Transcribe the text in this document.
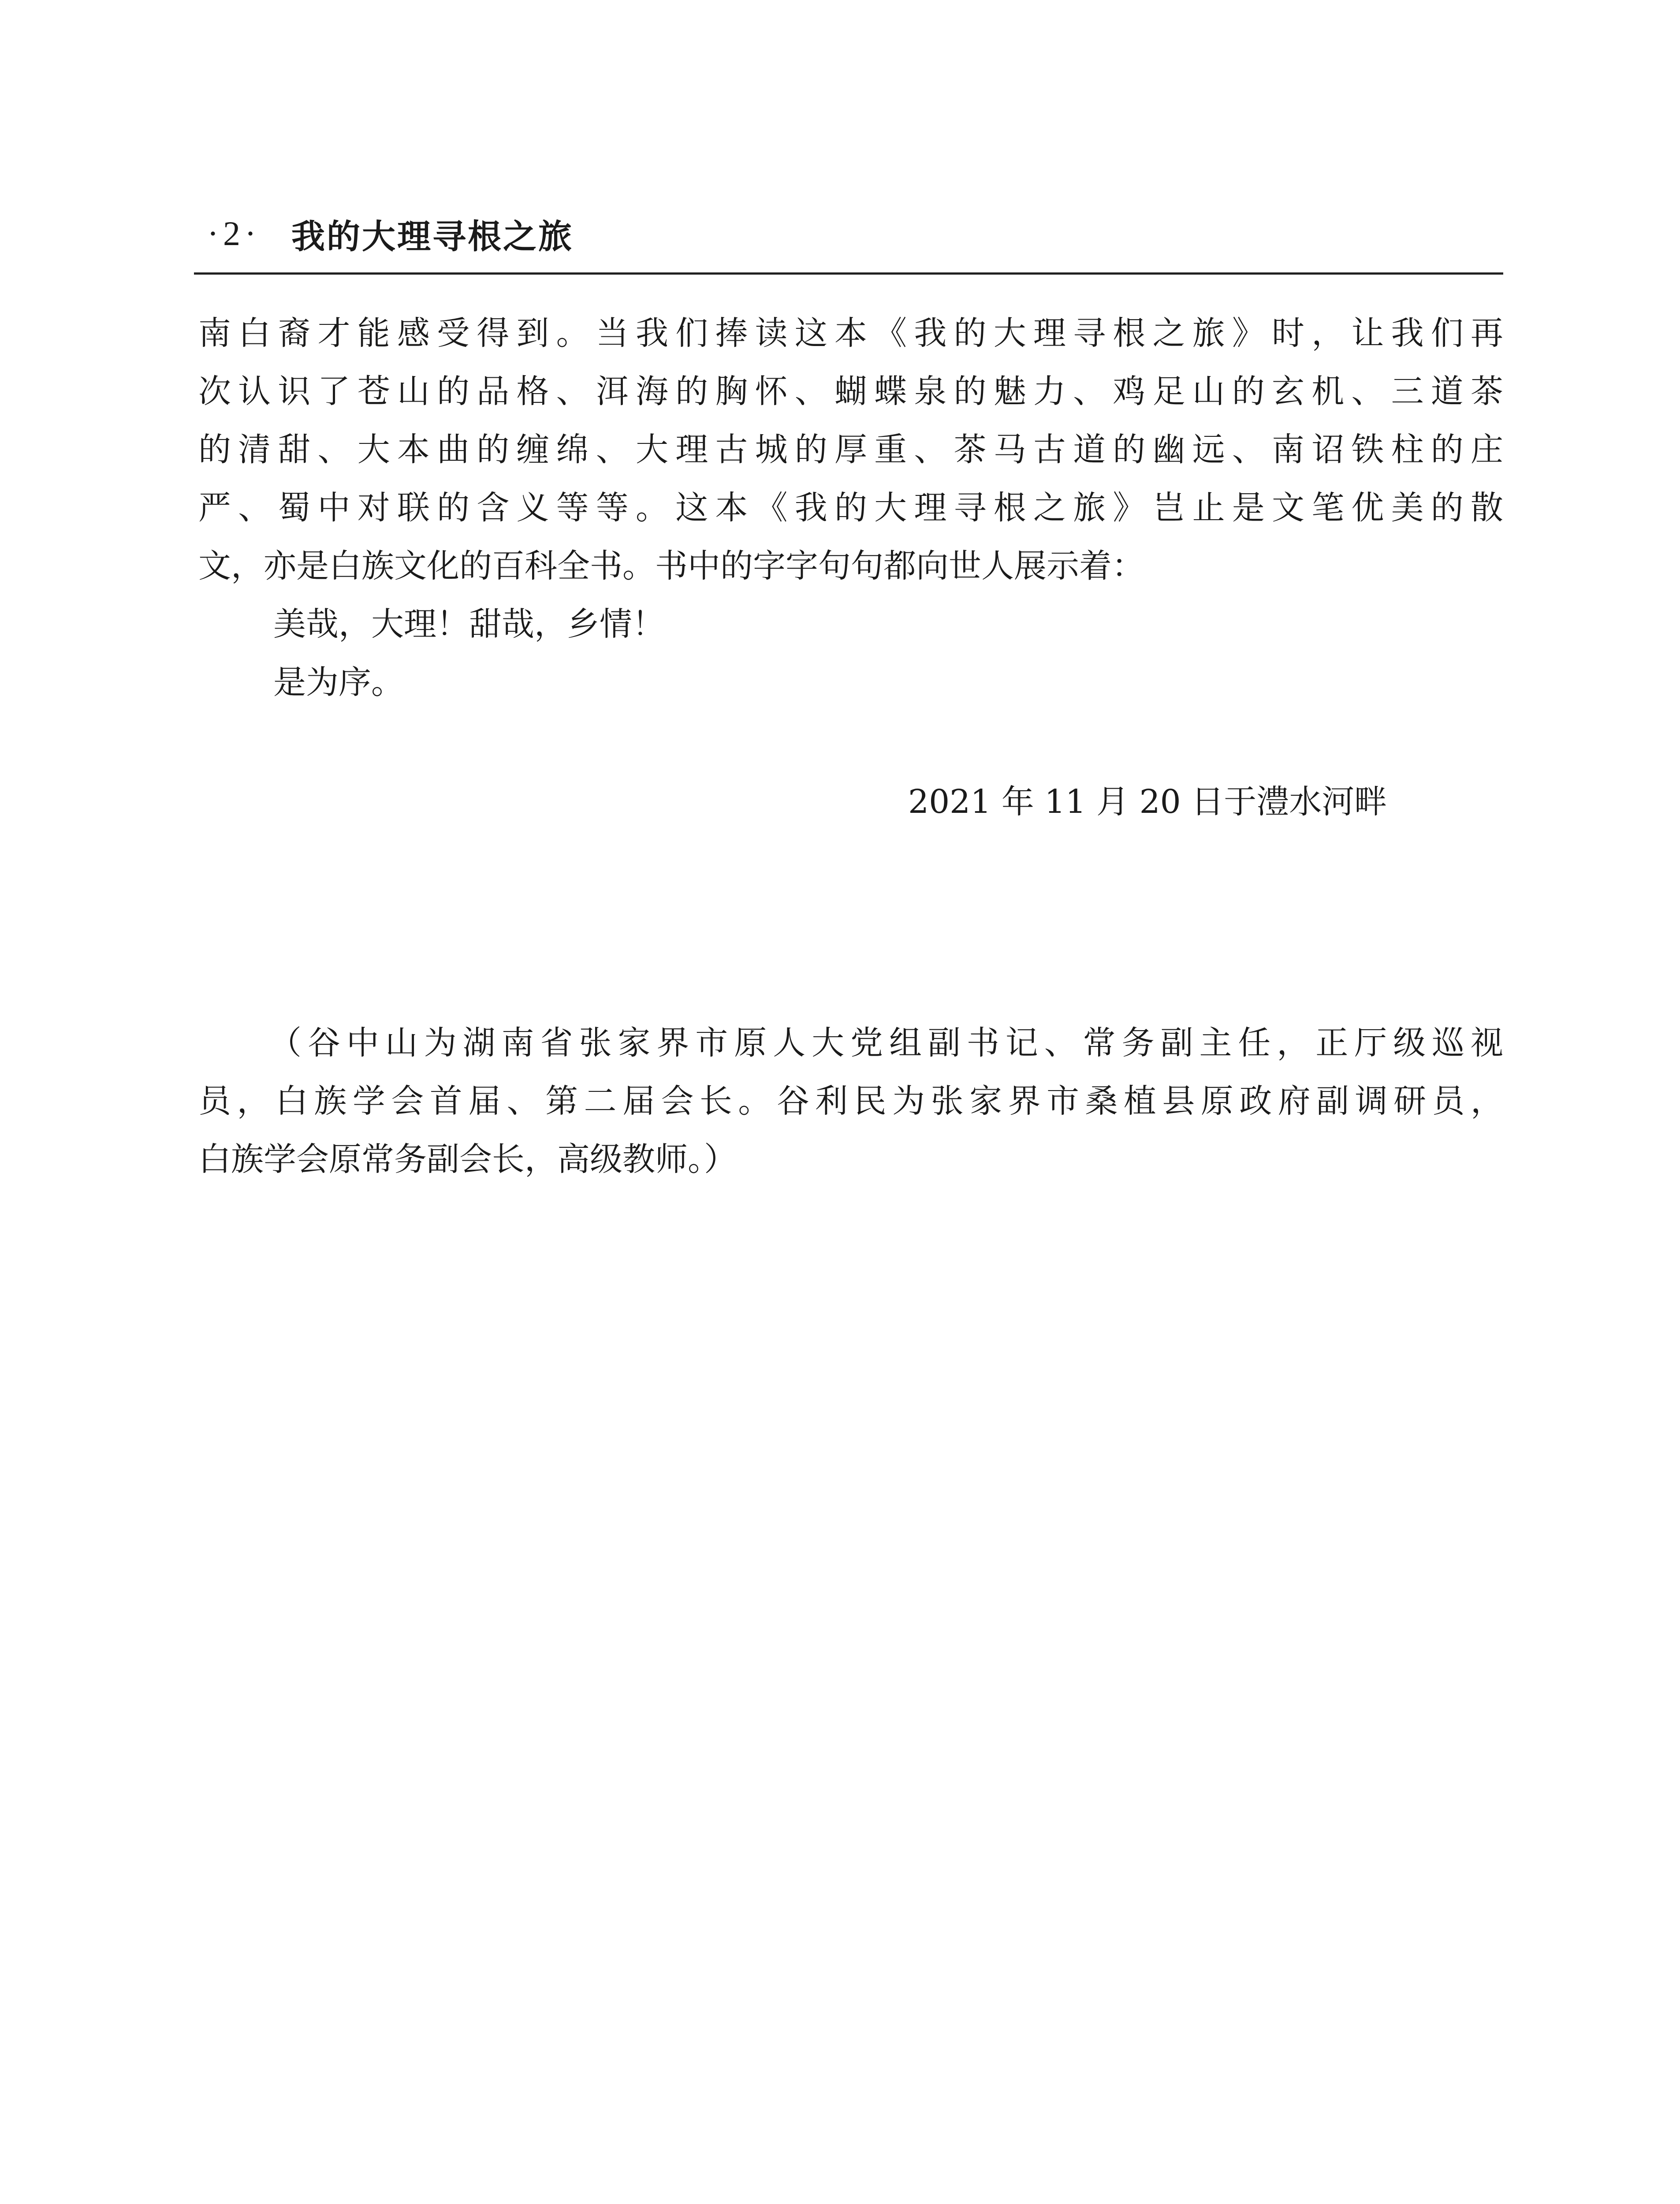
·2· 我的大理寻根之旅
南白裔才能感受得到。当我们捧读这本《我的大理寻根之旅》时，让我们再
次认识了苍山的品格、洱海的胸怀、蝴蝶泉的魅力、鸡足山的玄机、三道茶
的清甜、大本曲的缠绵、大理古城的厚重、茶马古道的幽远、南诏铁柱的庄
严、蜀中对联的含义等等。这本《我的大理寻根之旅》岂止是文笔优美的散
文，亦是白族文化的百科全书。书中的字字句句都向世人展示着：
美哉，大理！甜哉，乡情！
是为序。
2021 年 11 月 20 日于澧水河畔
（谷中山为湖南省张家界市原人大党组副书记、常务副主任，正厅级巡视
员，白族学会首届、第二届会长。谷利民为张家界市桑植县原政府副调研员，
白族学会原常务副会长，高级教师。）
